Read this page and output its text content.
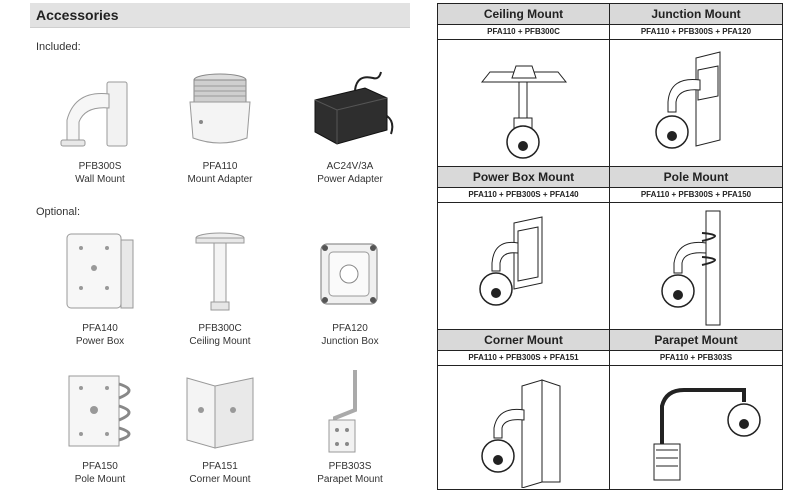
Accessories
Included:
PFB300S
Wall Mount
PFA110
Mount Adapter
AC24V/3A
Power Adapter
Optional:
PFA140
Power Box
PFB300C
Ceiling Mount
PFA120
Junction Box
PFA150
Pole Mount
PFA151
Corner Mount
PFB303S
Parapet Mount
Ceiling Mount
PFA110 + PFB300C
Junction Mount
PFA110 + PFB300S + PFA120
Power Box Mount
PFA110 + PFB300S + PFA140
Pole Mount
PFA110 + PFB300S + PFA150
Corner Mount
PFA110 + PFB300S + PFA151
Parapet Mount
PFA110 + PFB303S
